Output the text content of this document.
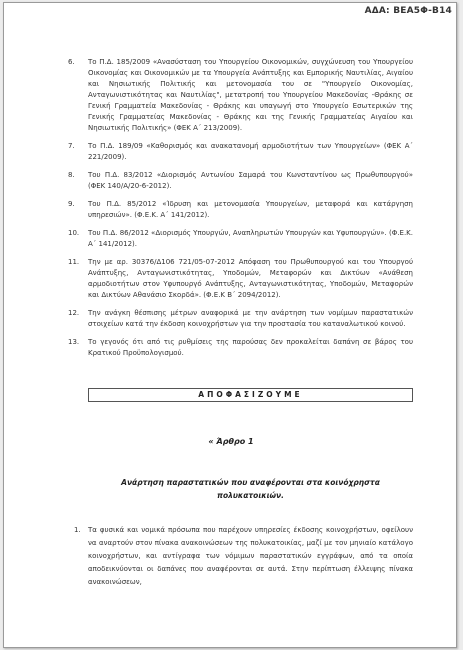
ΑΔΑ: ΒΕΑ5Φ-Β14
6. Το Π.Δ. 185/2009 «Ανασύσταση του Υπουργείου Οικονομικών, συγχώνευση του Υπουργείου Οικονομίας και Οικονομικών με τα Υπουργεία Ανάπτυξης και Εμπορικής Ναυτιλίας, Αιγαίου και Νησιωτικής Πολιτικής και μετονομασία του σε "Υπουργείο Οικονομίας, Ανταγωνιστικότητας και Ναυτιλίας", μετατροπή του Υπουργείου Μακεδονίας -Θράκης σε Γενική Γραμματεία Μακεδονίας - Θράκης και υπαγωγή στο Υπουργείο Εσωτερικών της Γενικής Γραμματείας Μακεδονίας - Θράκης και της Γενικής Γραμματείας Αιγαίου και Νησιωτικής Πολιτικής» (ΦΕΚ Α΄ 213/2009).
7. Το Π.Δ. 189/09 «Καθορισμός και ανακατανομή αρμοδιοτήτων των Υπουργείων» (ΦΕΚ Α΄ 221/2009).
8. Του Π.Δ. 83/2012 «Διορισμός Αντωνίου Σαμαρά του Κωνσταντίνου ως Πρωθυπουργού» (ΦΕΚ 140/Α/20-6-2012).
9. Του Π.Δ. 85/2012 «Ίδρυση και μετονομασία Υπουργείων, μεταφορά και κατάργηση υπηρεσιών». (Φ.Ε.Κ. Α΄ 141/2012).
10. Του Π.Δ. 86/2012 «Διορισμός Υπουργών, Αναπληρωτών Υπουργών και Υφυπουργών». (Φ.Ε.Κ. Α΄ 141/2012).
11. Την με αρ. 30376/Δ106 721/05-07-2012 Απόφαση του Πρωθυπουργού και του Υπουργού Ανάπτυξης, Ανταγωνιστικότητας, Υποδομών, Μεταφορών και Δικτύων «Ανάθεση αρμοδιοτήτων στον Υφυπουργό Ανάπτυξης, Ανταγωνιστικότητας, Υποδομών, Μεταφορών και Δικτύων Αθανάσιο Σκορδά». (Φ.Ε.Κ Β΄ 2094/2012).
12. Την ανάγκη θέσπισης μέτρων αναφορικά με την ανάρτηση των νομίμων παραστατικών στοιχείων κατά την έκδοση κοινοχρήστων για την προστασία του καταναλωτικού κοινού.
13. Το γεγονός ότι από τις ρυθμίσεις της παρούσας δεν προκαλείται δαπάνη σε βάρος του Κρατικού Προϋπολογισμού.
ΑΠΟΦΑΣΙΖΟΥΜΕ
« Άρθρο 1
Ανάρτηση παραστατικών που αναφέρονται στα κοινόχρηστα πολυκατοικιών.
1. Τα φυσικά και νομικά πρόσωπα που παρέχουν υπηρεσίες έκδοσης κοινοχρήστων, οφείλουν να αναρτούν στον πίνακα ανακοινώσεων της πολυκατοικίας, μαζί με τον μηνιαίο κατάλογο κοινοχρήστων, και αντίγραφα των νόμιμων παραστατικών εγγράφων, από τα οποία αποδεικνύονται οι δαπάνες που αναφέρονται σε αυτά. Στην περίπτωση έλλειψης πίνακα ανακοινώσεων,
